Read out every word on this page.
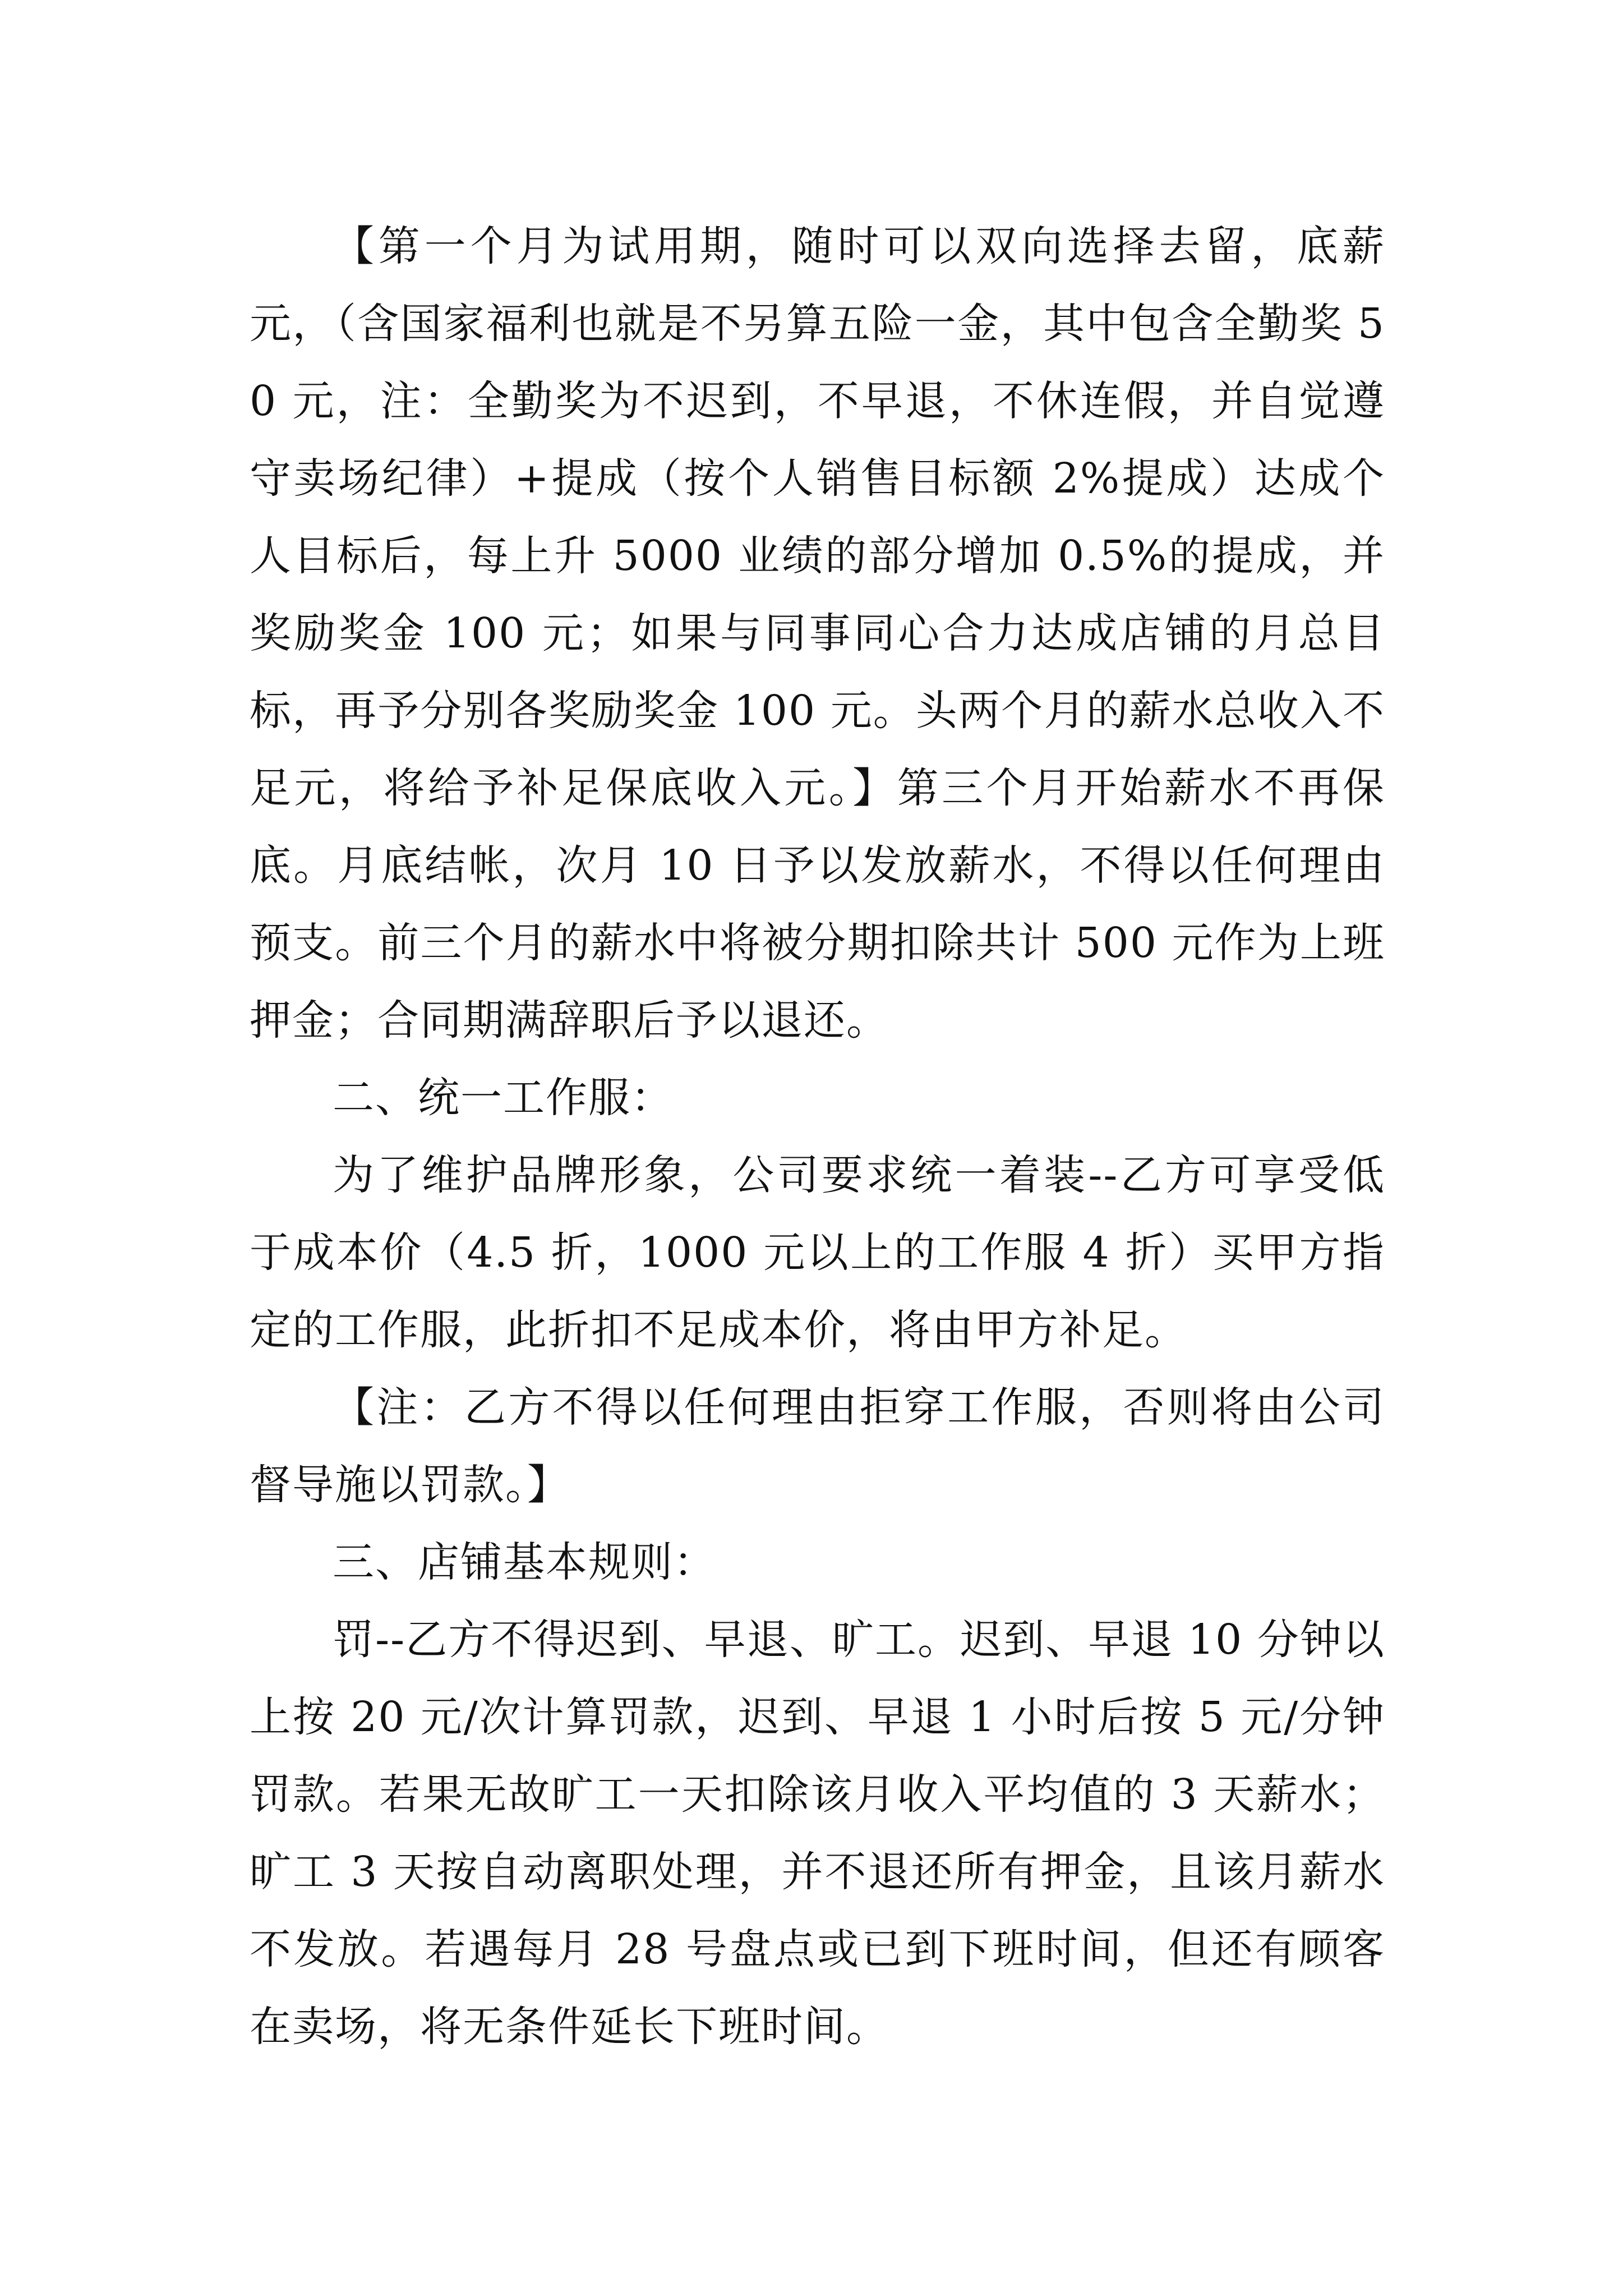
【第一个月为试用期，随时可以双向选择去留，底薪元，（含国家福利也就是不另算五险一金，其中包含全勤奖 50 元，注：全勤奖为不迟到，不早退，不休连假，并自觉遵守卖场纪律）+提成（按个人销售目标额 2%提成）达成个人目标后，每上升 5000 业绩的部分增加 0.5%的提成，并奖励奖金 100 元；如果与同事同心合力达成店铺的月总目标，再予分别各奖励奖金 100 元。头两个月的薪水总收入不足元，将给予补足保底收入元。】第三个月开始薪水不再保底。月底结帐，次月 10 日予以发放薪水，不得以任何理由预支。前三个月的薪水中将被分期扣除共计 500 元作为上班押金；合同期满辞职后予以退还。

二、统一工作服：

为了维护品牌形象，公司要求统一着装--乙方可享受低于成本价（4.5 折，1000 元以上的工作服 4 折）买甲方指定的工作服，此折扣不足成本价，将由甲方补足。

【注：乙方不得以任何理由拒穿工作服，否则将由公司督导施以罚款。】

三、店铺基本规则：

罚--乙方不得迟到、早退、旷工。迟到、早退 10 分钟以上按 20 元/次计算罚款，迟到、早退 1 小时后按 5 元/分钟罚款。若果无故旷工一天扣除该月收入平均值的 3 天薪水；旷工 3 天按自动离职处理，并不退还所有押金，且该月薪水不发放。若遇每月 28 号盘点或已到下班时间，但还有顾客在卖场，将无条件延长下班时间。
